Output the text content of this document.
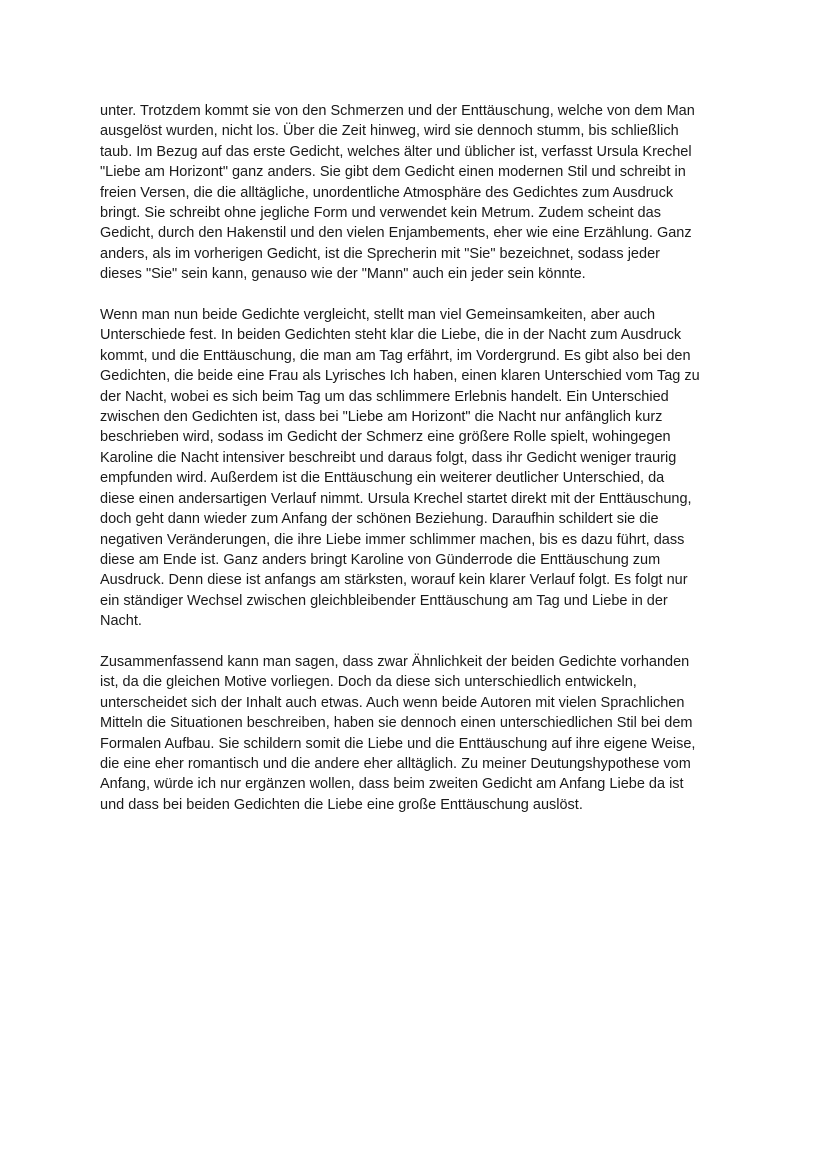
unter. Trotzdem kommt sie von den Schmerzen und der Enttäuschung, welche von dem Man
ausgelöst wurden, nicht los. Über die Zeit hinweg, wird sie dennoch stumm, bis schließlich
taub. Im Bezug auf das erste Gedicht, welches älter und üblicher ist, verfasst Ursula Krechel
"Liebe am Horizont" ganz anders. Sie gibt dem Gedicht einen modernen Stil und schreibt in
freien Versen, die die alltägliche, unordentliche Atmosphäre des Gedichtes zum Ausdruck
bringt. Sie schreibt ohne jegliche Form und verwendet kein Metrum. Zudem scheint das
Gedicht, durch den Hakenstil und den vielen Enjambements, eher wie eine Erzählung. Ganz
anders, als im vorherigen Gedicht, ist die Sprecherin mit "Sie" bezeichnet, sodass jeder
dieses "Sie" sein kann, genauso wie der "Mann" auch ein jeder sein könnte.

Wenn man nun beide Gedichte vergleicht, stellt man viel Gemeinsamkeiten, aber auch
Unterschiede fest. In beiden Gedichten steht klar die Liebe, die in der Nacht zum Ausdruck
kommt, und die Enttäuschung, die man am Tag erfährt, im Vordergrund. Es gibt also bei den
Gedichten, die beide eine Frau als Lyrisches Ich haben, einen klaren Unterschied vom Tag zu
der Nacht, wobei es sich beim Tag um das schlimmere Erlebnis handelt. Ein Unterschied
zwischen den Gedichten ist, dass bei "Liebe am Horizont" die Nacht nur anfänglich kurz
beschrieben wird, sodass im Gedicht der Schmerz eine größere Rolle spielt, wohingegen
Karoline die Nacht intensiver beschreibt und daraus folgt, dass ihr Gedicht weniger traurig
empfunden wird. Außerdem ist die Enttäuschung ein weiterer deutlicher Unterschied, da
diese einen andersartigen Verlauf nimmt. Ursula Krechel startet direkt mit der Enttäuschung,
doch geht dann wieder zum Anfang der schönen Beziehung. Daraufhin schildert sie die
negativen Veränderungen, die ihre Liebe immer schlimmer machen, bis es dazu führt, dass
diese am Ende ist. Ganz anders bringt Karoline von Günderrode die Enttäuschung zum
Ausdruck. Denn diese ist anfangs am stärksten, worauf kein klarer Verlauf folgt. Es folgt nur
ein ständiger Wechsel zwischen gleichbleibender Enttäuschung am Tag und Liebe in der
Nacht.

Zusammenfassend kann man sagen, dass zwar Ähnlichkeit der beiden Gedichte vorhanden
ist, da die gleichen Motive vorliegen. Doch da diese sich unterschiedlich entwickeln,
unterscheidet sich der Inhalt auch etwas. Auch wenn beide Autoren mit vielen Sprachlichen
Mitteln die Situationen beschreiben, haben sie dennoch einen unterschiedlichen Stil bei dem
Formalen Aufbau. Sie schildern somit die Liebe und die Enttäuschung auf ihre eigene Weise,
die eine eher romantisch und die andere eher alltäglich. Zu meiner Deutungshypothese vom
Anfang, würde ich nur ergänzen wollen, dass beim zweiten Gedicht am Anfang Liebe da ist
und dass bei beiden Gedichten die Liebe eine große Enttäuschung auslöst.
